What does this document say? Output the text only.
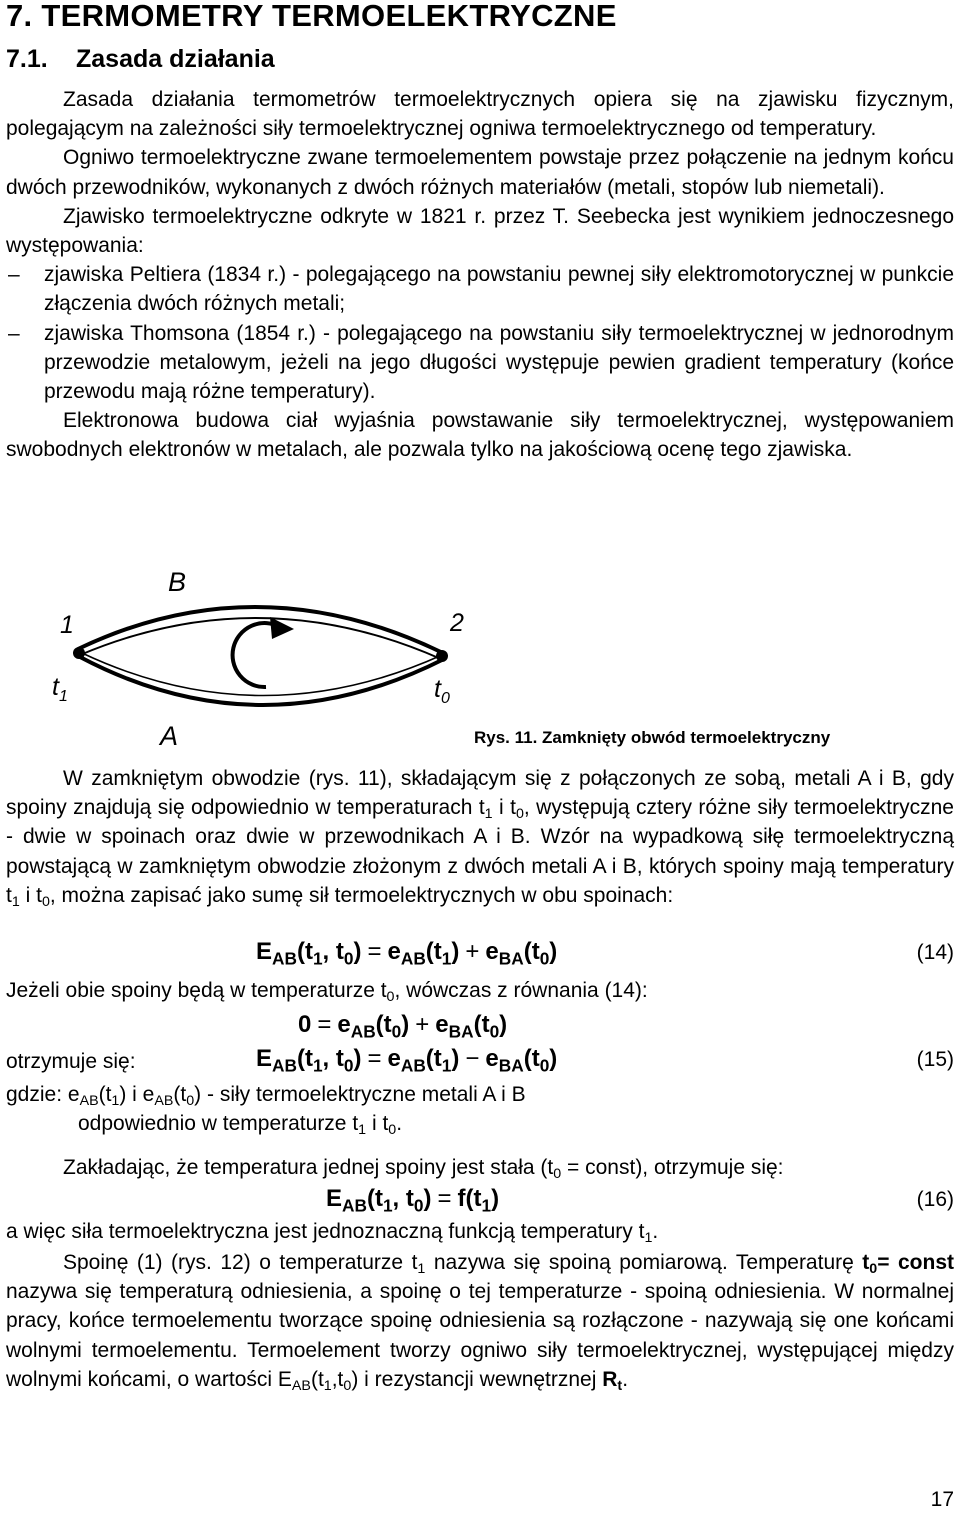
7. TERMOMETRY TERMOELEKTRYCZNE
7.1. Zasada działania

Zasada działania termometrów termoelektrycznych opiera się na zjawisku fizycznym, polegającym na zależności siły termoelektrycznej ogniwa termoelektrycznego od temperatury.

Ogniwo termoelektryczne zwane termoelementem powstaje przez połączenie na jednym końcu dwóch przewodników, wykonanych z dwóch różnych materiałów (metali, stopów lub niemetali).

Zjawisko termoelektryczne odkryte w 1821 r. przez T. Seebecka jest wynikiem jednoczesnego występowania:

–	zjawiska Peltiera (1834 r.) - polegającego na powstaniu pewnej siły elektromotorycznej w punkcie złączenia dwóch różnych metali;
–	zjawiska Thomsona (1854 r.) - polegającego na powstaniu siły termoelektrycznej w jednorodnym przewodzie metalowym, jeżeli na jego długości występuje pewien gradient temperatury (końce przewodu mają różne temperatury).

Elektronowa budowa ciał wyjaśnia powstawanie siły termoelektrycznej, występowaniem swobodnych elektronów w metalach, ale pozwala tylko na jakościową ocenę tego zjawiska.

B
A
1	2
$t_1$	$t_0$
Rys. 11. Zamknięty obwód termoelektryczny

W zamkniętym obwodzie (rys. 11), składającym się z połączonych ze sobą, metali A i B, gdy spoiny znajdują się odpowiednio w temperaturach $t_1$ i $t_0$, występują cztery różne siły termoelektryczne - dwie w spoinach oraz dwie w przewodnikach A i B. Wzór na wypadkową siłę termoelektryczną powstającą w zamkniętym obwodzie złożonym z dwóch metali A i B, których spoiny mają temperatury $t_1$ i $t_0$, można zapisać jako sumę sił termoelektrycznych w obu spoinach:

$E_{AB}(t_1$, $t_0) = e_{AB}(t_1) + e_{BA}(t_0)$	(14)
Jeżeli obie spoiny będą w temperaturze $t_0$, wówczas z równania (14):
$0 = e_{AB}(t_0) + e_{BA}(t_0)$
otrzymuje się:	$E_{AB}(t_1$, $t_0) = e_{AB}(t_1) - e_{BA}(t_0)$	(15)
gdzie: $e_{AB}(t_1)$ i $e_{AB}(t_0)$ - siły termoelektryczne metali A i B
odpowiednio w temperaturze $t_1$ i $t_0$.
Zakładając, że temperatura jednej spoiny jest stała ($t_0$ = const), otrzymuje się:
$E_{AB}(t_1$, $t_0) = f(t_1)$	(16)
a więc siła termoelektryczna jest jednoznaczną funkcją temperatury $t_1$.

Spoinę (1) (rys. 12) o temperaturze $t_1$ nazywa się spoiną pomiarową. Temperaturę $t_0=$ const nazywa się temperaturą odniesienia, a spoinę o tej temperaturze - spoiną odniesienia. W normalnej pracy, końce termoelementu tworzące spoinę odniesienia są rozłączone - nazywają się one końcami wolnymi termoelementu. Termoelement tworzy ogniwo siły termoelektrycznej, występującej między wolnymi końcami, o wartości $E_{AB}(t_1,t_0)$ i rezystancji wewnętrznej $R_t$.

17
